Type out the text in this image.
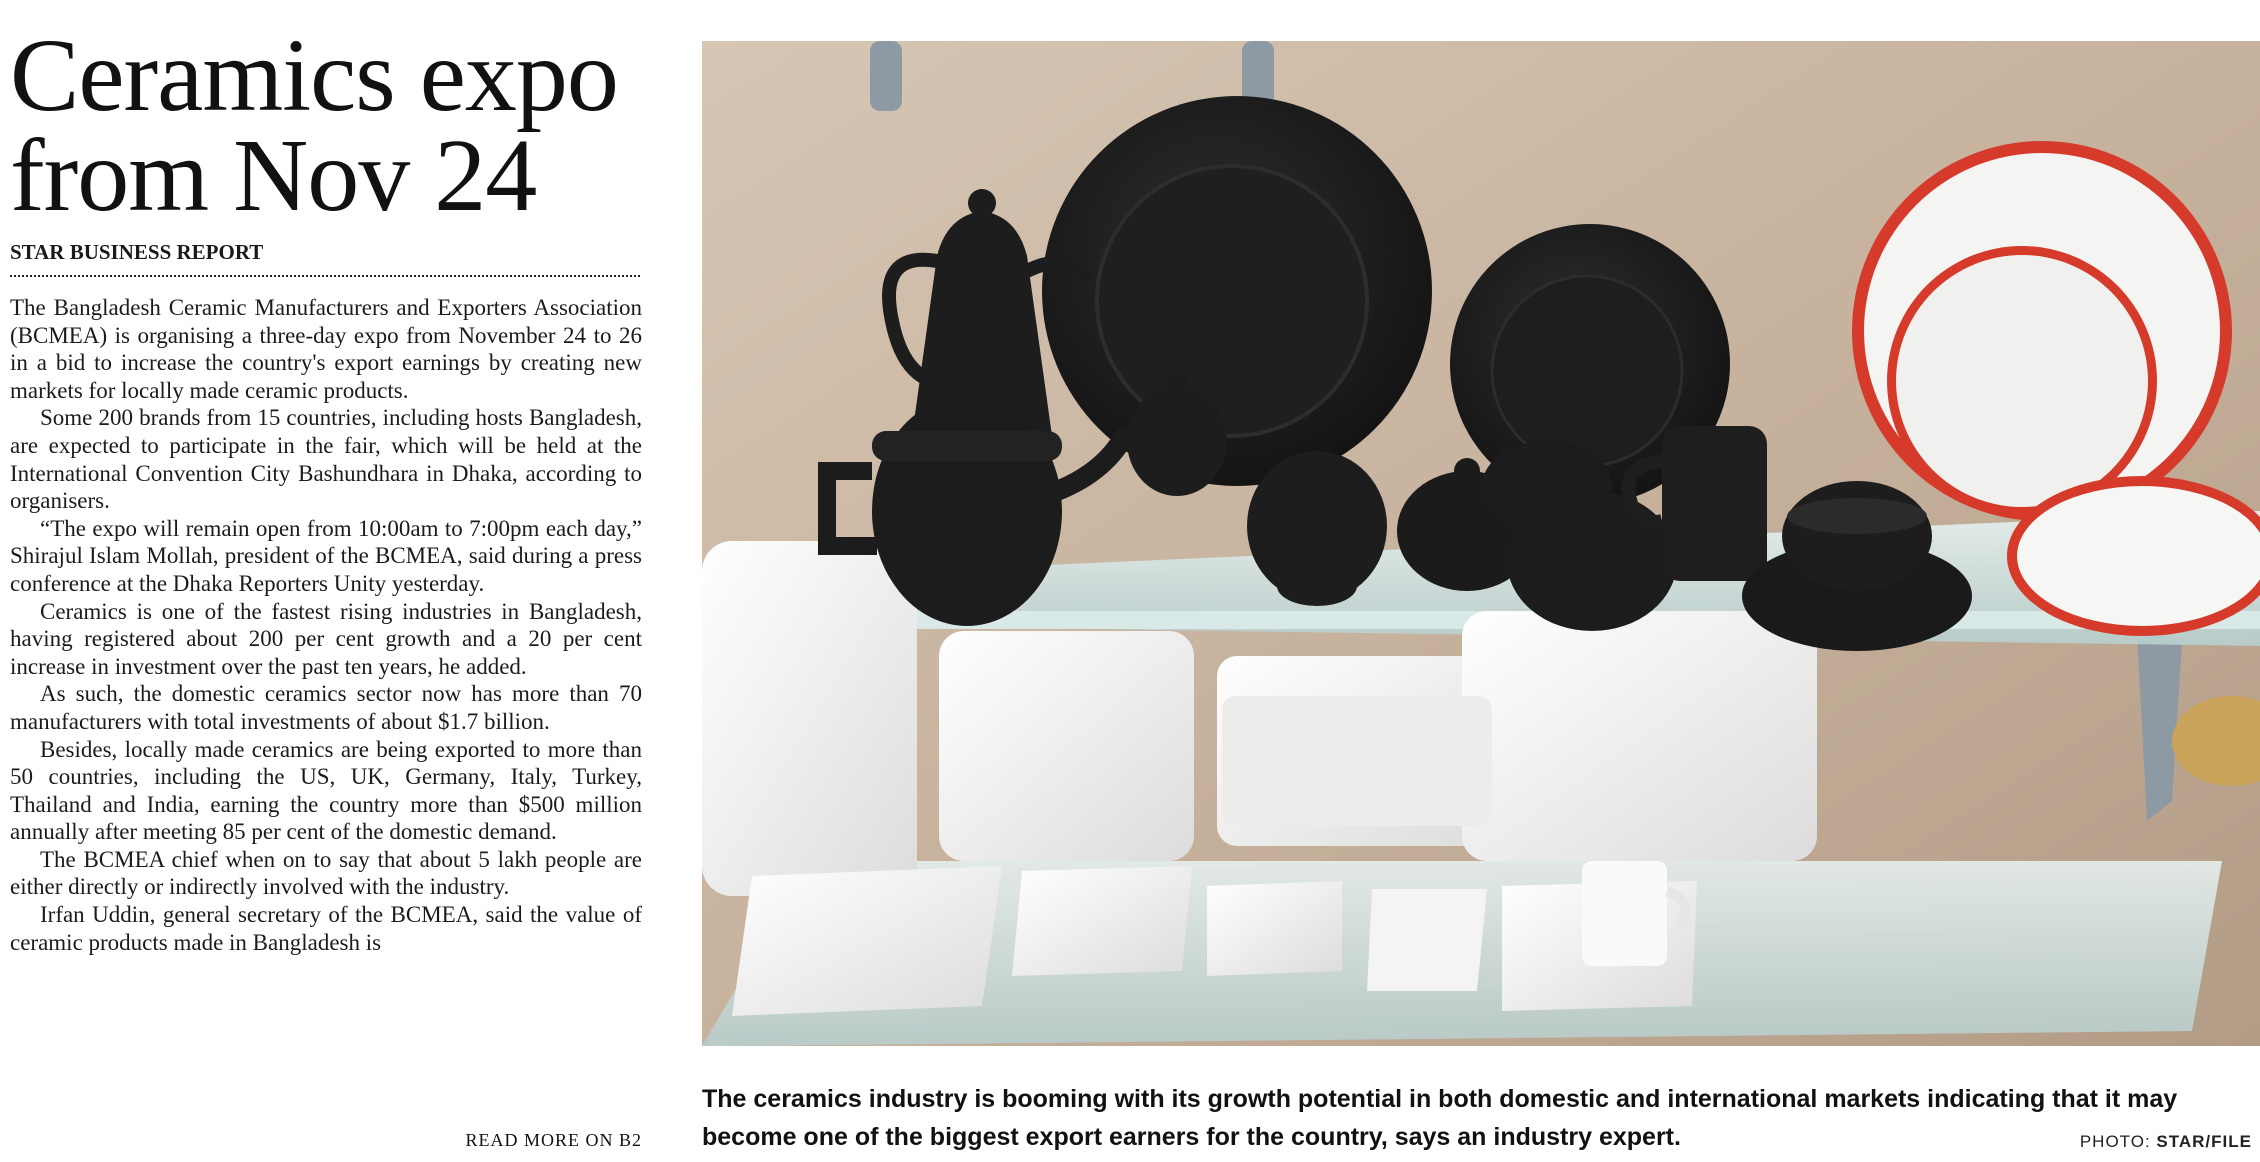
Ceramics expo from Nov 24
STAR BUSINESS REPORT

The Bangladesh Ceramic Manufacturers and Exporters Association (BCMEA) is organising a three-day expo from November 24 to 26 in a bid to increase the country's export earnings by creating new markets for locally made ceramic products.

Some 200 brands from 15 countries, including hosts Bangladesh, are expected to participate in the fair, which will be held at the International Convention City Bashundhara in Dhaka, according to organisers.

“The expo will remain open from 10:00am to 7:00pm each day,” Shirajul Islam Mollah, president of the BCMEA, said during a press conference at the Dhaka Reporters Unity yesterday.

Ceramics is one of the fastest rising industries in Bangladesh, having registered about 200 per cent growth and a 20 per cent increase in investment over the past ten years, he added.

As such, the domestic ceramics sector now has more than 70 manufacturers with total investments of about $1.7 billion.

Besides, locally made ceramics are being exported to more than 50 countries, including the US, UK, Germany, Italy, Turkey, Thailand and India, earning the country more than $500 million annually after meeting 85 per cent of the domestic demand.

The BCMEA chief when on to say that about 5 lakh people are either directly or indirectly involved with the industry.

Irfan Uddin, general secretary of the BCMEA, said the value of ceramic products made in Bangladesh is

READ MORE ON B2

The ceramics industry is booming with its growth potential in both domestic and international markets indicating that it may become one of the biggest export earners for the country, says an industry expert.	PHOTO: STAR/FILE
